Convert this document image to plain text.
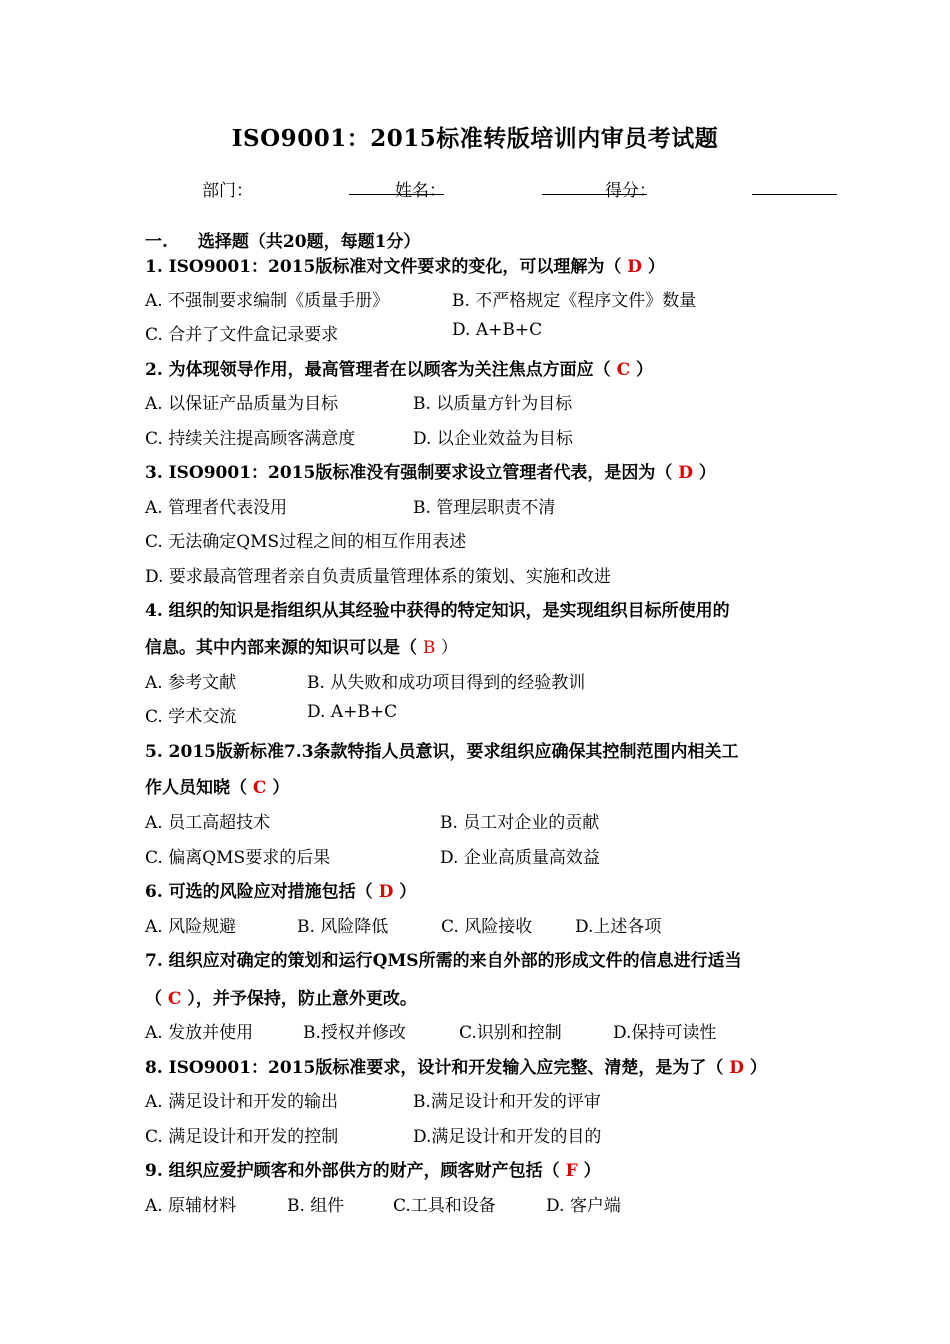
ISO9001：2015标准转版培训内审员考试题
部门：	姓名：	得分：
一. 选择题（共20题，每题1分）
1. ISO9001：2015版标准对文件要求的变化，可以理解为（ D ）
A. 不强制要求编制《质量手册》	B. 不严格规定《程序文件》数量
C. 合并了文件盒记录要求	D. A+B+C
2. 为体现领导作用，最高管理者在以顾客为关注焦点方面应（ C ）
A. 以保证产品质量为目标	B. 以质量方针为目标
C. 持续关注提高顾客满意度	D. 以企业效益为目标
3. ISO9001：2015版标准没有强制要求设立管理者代表，是因为（ D ）
A. 管理者代表没用	B. 管理层职责不清
C. 无法确定QMS过程之间的相互作用表述
D. 要求最高管理者亲自负责质量管理体系的策划、实施和改进
4. 组织的知识是指组织从其经验中获得的特定知识，是实现组织目标所使用的
信息。其中内部来源的知识可以是（ B ）
A. 参考文献	B. 从失败和成功项目得到的经验教训
C. 学术交流	D. A+B+C
5. 2015版新标准7.3条款特指人员意识，要求组织应确保其控制范围内相关工
作人员知晓（ C ）
A. 员工高超技术	B. 员工对企业的贡献
C. 偏离QMS要求的后果	D. 企业高质量高效益
6. 可选的风险应对措施包括（ D ）
A. 风险规避	B. 风险降低	C. 风险接收	D.上述各项
7. 组织应对确定的策划和运行QMS所需的来自外部的形成文件的信息进行适当
（ C ），并予保持，防止意外更改。
A. 发放并使用	B.授权并修改	C.识别和控制	D.保持可读性
8. ISO9001：2015版标准要求，设计和开发输入应完整、清楚，是为了（ D ）
A. 满足设计和开发的输出	B.满足设计和开发的评审
C. 满足设计和开发的控制	D.满足设计和开发的目的
9. 组织应爱护顾客和外部供方的财产，顾客财产包括（ F ）
A. 原辅材料	B. 组件	C.工具和设备	D. 客户端
